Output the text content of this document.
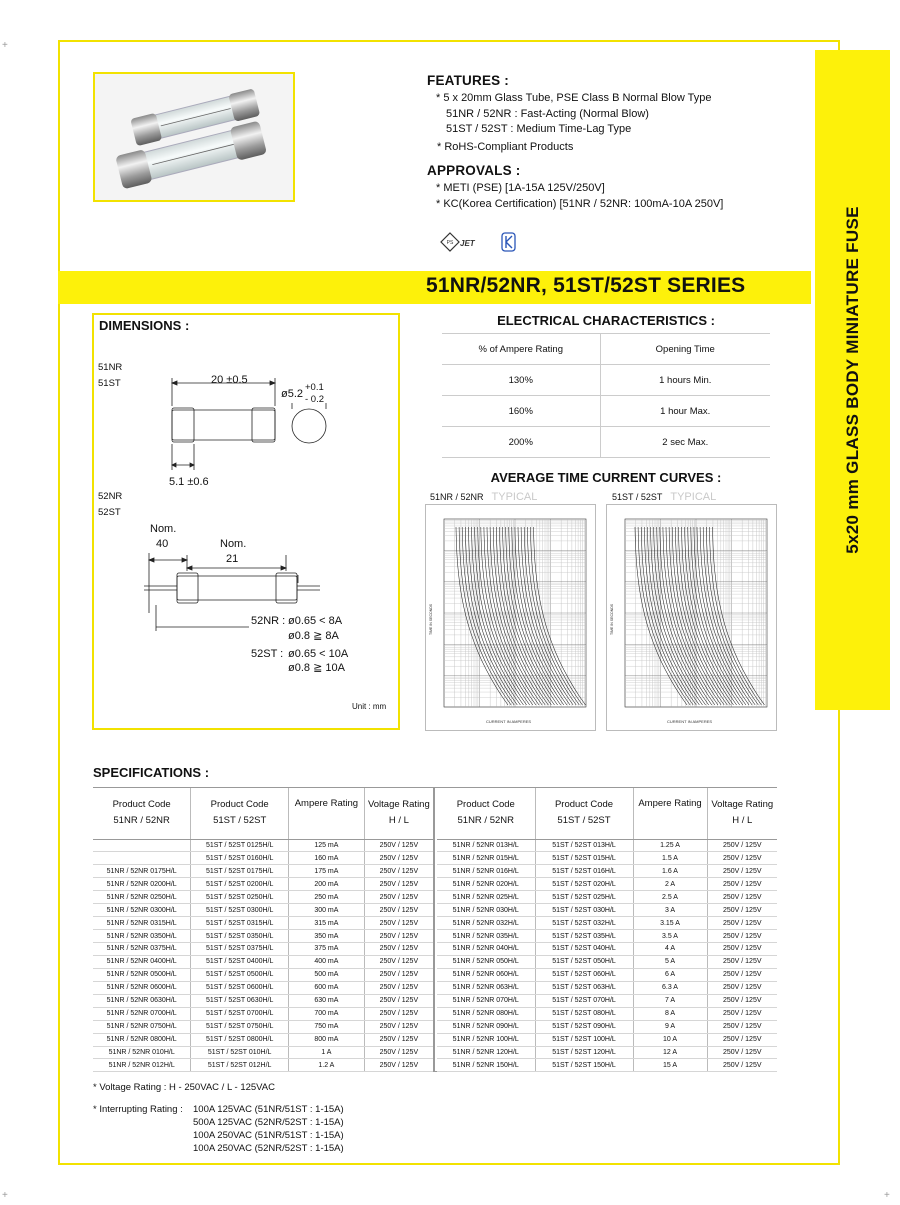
51NR/52NR, 51ST/52ST SERIES	5x20 mm GLASS BODY MINIATURE FUSE
FEATURES :
* 5 x 20mm Glass Tube, PSE Class B Normal Blow Type
51NR / 52NR : Fast-Acting (Normal Blow)
51ST / 52ST : Medium Time-Lag Type
* RoHS-Compliant Products
APPROVALS :
* METI (PSE) [1A-15A 125V/250V]
* KC(Korea Certification) [51NR / 52NR: 100mA-10A 250V]
PS JET
DIMENSIONS :
51NR
51ST	20 ±0.5
ø5.2
+0.1
- 0.2
5.1 ±0.6
52NR
52ST
Nom.
40	Nom.
21
52NR : ø0.65 < 8A
ø0.8 ≧ 8A
52ST : ø0.65 < 10A
ø0.8 ≧ 10A
Unit : mm
ELECTRICAL CHARACTERISTICS :
% of Ampere Rating	Opening Time
130%	1 hours Min.
160%	1 hour Max.
200%	2 sec Max.
AVERAGE TIME CURRENT CURVES :
51NR / 52NR TYPICAL	51ST / 52ST TYPICAL
TIME IN SECONDS
CURRENT IN AMPERES
TIME IN SECONDS
CURRENT IN AMPERES
SPECIFICATIONS :
Product Code
51NR / 52NR	Product Code
51ST / 52ST	Ampere Rating	Voltage Rating
H / L
	51ST / 52ST 0125H/L	125 mA	250V / 125V
	51ST / 52ST 0160H/L	160 mA	250V / 125V
51NR / 52NR 0175H/L	51ST / 52ST 0175H/L	175 mA	250V / 125V
51NR / 52NR 0200H/L	51ST / 52ST 0200H/L	200 mA	250V / 125V
51NR / 52NR 0250H/L	51ST / 52ST 0250H/L	250 mA	250V / 125V
51NR / 52NR 0300H/L	51ST / 52ST 0300H/L	300 mA	250V / 125V
51NR / 52NR 0315H/L	51ST / 52ST 0315H/L	315 mA	250V / 125V
51NR / 52NR 0350H/L	51ST / 52ST 0350H/L	350 mA	250V / 125V
51NR / 52NR 0375H/L	51ST / 52ST 0375H/L	375 mA	250V / 125V
51NR / 52NR 0400H/L	51ST / 52ST 0400H/L	400 mA	250V / 125V
51NR / 52NR 0500H/L	51ST / 52ST 0500H/L	500 mA	250V / 125V
51NR / 52NR 0600H/L	51ST / 52ST 0600H/L	600 mA	250V / 125V
51NR / 52NR 0630H/L	51ST / 52ST 0630H/L	630 mA	250V / 125V
51NR / 52NR 0700H/L	51ST / 52ST 0700H/L	700 mA	250V / 125V
51NR / 52NR 0750H/L	51ST / 52ST 0750H/L	750 mA	250V / 125V
51NR / 52NR 0800H/L	51ST / 52ST 0800H/L	800 mA	250V / 125V
51NR / 52NR 010H/L	51ST / 52ST 010H/L	1 A	250V / 125V
51NR / 52NR 012H/L	51ST / 52ST 012H/L	1.2 A	250V / 125V
Product Code
51NR / 52NR	Product Code
51ST / 52ST	Ampere Rating	Voltage Rating
H / L
51NR / 52NR 013H/L	51ST / 52ST 013H/L	1.25 A	250V / 125V
51NR / 52NR 015H/L	51ST / 52ST 015H/L	1.5 A	250V / 125V
51NR / 52NR 016H/L	51ST / 52ST 016H/L	1.6 A	250V / 125V
51NR / 52NR 020H/L	51ST / 52ST 020H/L	2 A	250V / 125V
51NR / 52NR 025H/L	51ST / 52ST 025H/L	2.5 A	250V / 125V
51NR / 52NR 030H/L	51ST / 52ST 030H/L	3 A	250V / 125V
51NR / 52NR 032H/L	51ST / 52ST 032H/L	3.15 A	250V / 125V
51NR / 52NR 035H/L	51ST / 52ST 035H/L	3.5 A	250V / 125V
51NR / 52NR 040H/L	51ST / 52ST 040H/L	4 A	250V / 125V
51NR / 52NR 050H/L	51ST / 52ST 050H/L	5 A	250V / 125V
51NR / 52NR 060H/L	51ST / 52ST 060H/L	6 A	250V / 125V
51NR / 52NR 063H/L	51ST / 52ST 063H/L	6.3 A	250V / 125V
51NR / 52NR 070H/L	51ST / 52ST 070H/L	7 A	250V / 125V
51NR / 52NR 080H/L	51ST / 52ST 080H/L	8 A	250V / 125V
51NR / 52NR 090H/L	51ST / 52ST 090H/L	9 A	250V / 125V
51NR / 52NR 100H/L	51ST / 52ST 100H/L	10 A	250V / 125V
51NR / 52NR 120H/L	51ST / 52ST 120H/L	12 A	250V / 125V
51NR / 52NR 150H/L	51ST / 52ST 150H/L	15 A	250V / 125V
* Voltage Rating : H - 250VAC / L - 125VAC
* Interrupting Rating : 100A 125VAC (51NR/51ST : 1-15A)
500A 125VAC (52NR/52ST : 1-15A)
100A 250VAC (51NR/51ST : 1-15A)
100A 250VAC (52NR/52ST : 1-15A)
+
+	+
